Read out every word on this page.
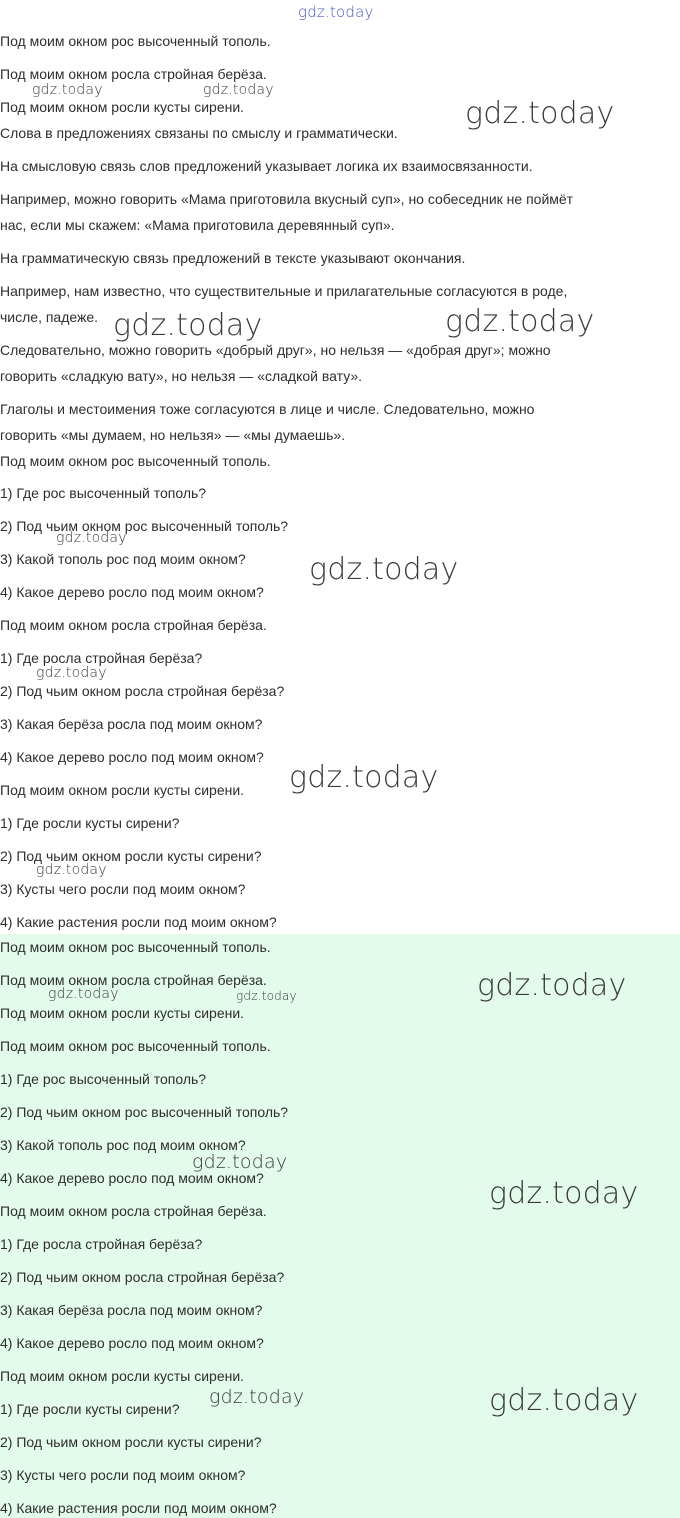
Под моим окном рос высоченный тополь.
Под моим окном росла стройная берёза.
Под моим окном росли кусты сирени.
Слова в предложениях связаны по смыслу и грамматически.
На смысловую связь слов предложений указывает логика их взаимосвязанности.
Например, можно говорить «Мама приготовила вкусный суп», но собеседник не поймёт
нас, если мы скажем: «Мама приготовила деревянный суп».
На грамматическую связь предложений в тексте указывают окончания.
Например, нам известно, что существительные и прилагательные согласуются в роде,
числе, падеже.
Следовательно, можно говорить «добрый друг», но нельзя — «добрая друг»; можно
говорить «сладкую вату», но нельзя — «сладкой вату».
Глаголы и местоимения тоже согласуются в лице и числе. Следовательно, можно
говорить «мы думаем, но нельзя» — «мы думаешь».
Под моим окном рос высоченный тополь.
1) Где рос высоченный тополь?
2) Под чьим окном рос высоченный тополь?
3) Какой тополь рос под моим окном?
4) Какое дерево росло под моим окном?
Под моим окном росла стройная берёза.
1) Где росла стройная берёза?
2) Под чьим окном росла стройная берёза?
3) Какая берёза росла под моим окном?
4) Какое дерево росло под моим окном?
Под моим окном росли кусты сирени.
1) Где росли кусты сирени?
2) Под чьим окном росли кусты сирени?
3) Кусты чего росли под моим окном?
4) Какие растения росли под моим окном?
Под моим окном рос высоченный тополь.
Под моим окном росла стройная берёза.
Под моим окном росли кусты сирени.
Под моим окном рос высоченный тополь.
1) Где рос высоченный тополь?
2) Под чьим окном рос высоченный тополь?
3) Какой тополь рос под моим окном?
4) Какое дерево росло под моим окном?
Под моим окном росла стройная берёза.
1) Где росла стройная берёза?
2) Под чьим окном росла стройная берёза?
3) Какая берёза росла под моим окном?
4) Какое дерево росло под моим окном?
Под моим окном росли кусты сирени.
1) Где росли кусты сирени?
2) Под чьим окном росли кусты сирени?
3) Кусты чего росли под моим окном?
4) Какие растения росли под моим окном?
gdz.today
gdz.today	gdz.today
gdz.today
gdz.today	gdz.today
gdz.today
gdz.today
gdz.today
gdz.today
gdz.today
gdz.today
gdz.today	gdz.today
gdz.today
gdz.today
gdz.today	gdz.today
